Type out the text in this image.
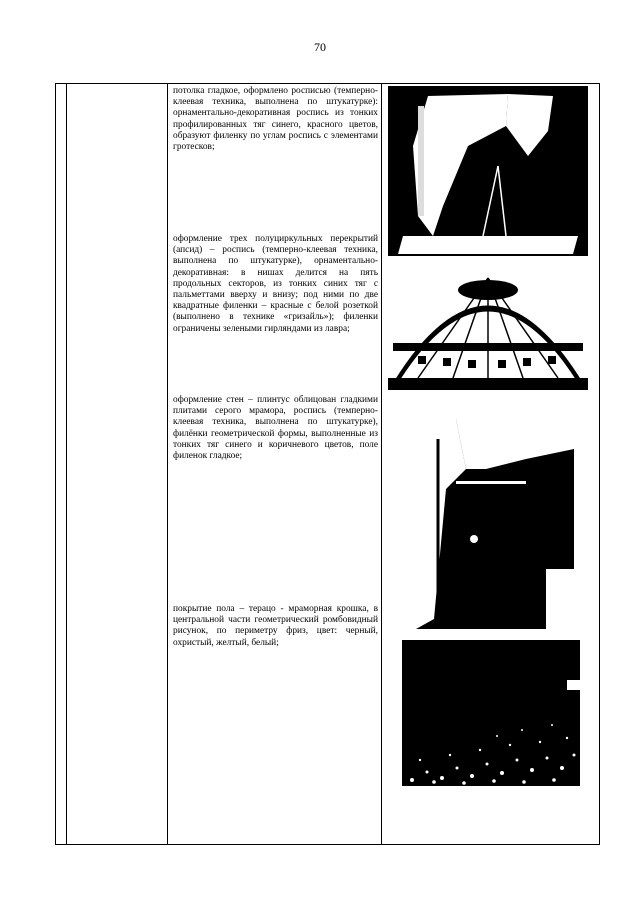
70
потолка гладкое, оформлено росписью (темперно-клеевая техника, выполнена по штукатурке): орнаментально-декоративная роспись из тонких профилированных тяг синего, красного цветов, образуют филенку по углам роспись с элементами гротесков;
оформление трех полуциркульных перекрытий (апсид) – роспись (темперно-клеевая техника, выполнена по штукатурке), орнаментально-декоративная: в нишах делится на пять продольных секторов, из тонких синих тяг с пальметтами вверху и внизу; под ними по две квадратные филенки – красные с белой розеткой (выполнено в технике «гризайль»); филенки ограничены зелеными гирляндами из лавра;
оформление стен – плинтус облицован гладкими плитами серого мрамора, роспись (темперно-клеевая техника, выполнена по штукатурке), филёнки геометрической формы, выполненные из тонких тяг синего и коричневого цветов, поле филенок гладкое;
покрытие пола – терацо - мраморная крошка, в центральной части геометрический ромбовидный рисунок, по периметру фриз, цвет: черный, охристый, желтый, белый;
